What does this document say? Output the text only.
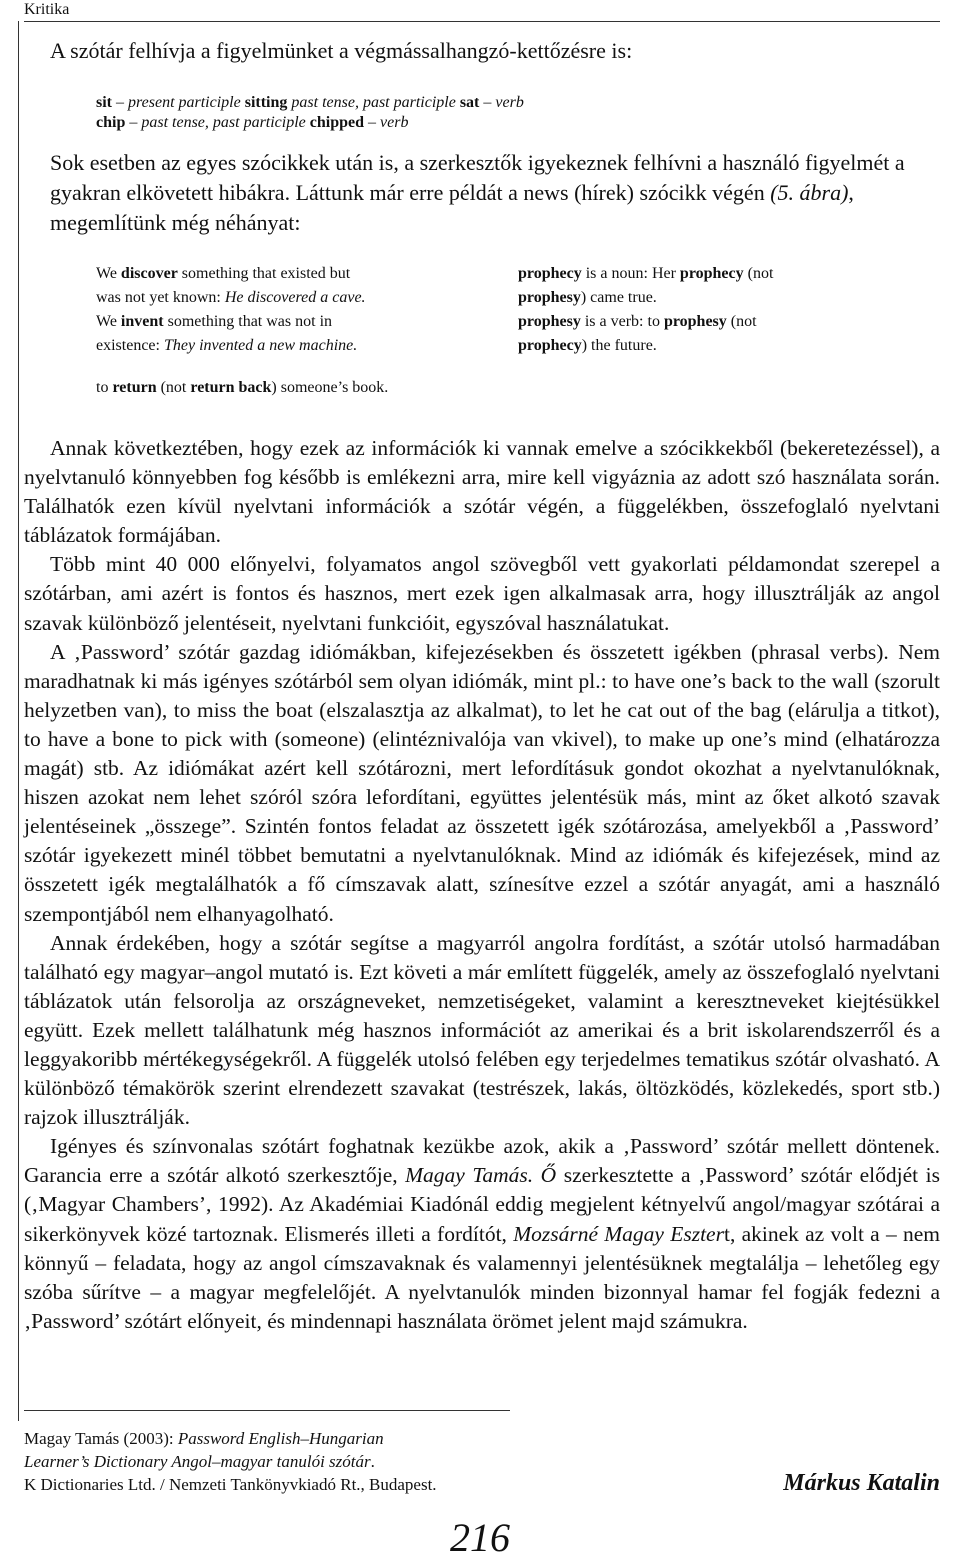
Kritika
A szótár felhívja a figyelmünket a végmássalhangzó-kettőzésre is:
sit – present participle sitting past tense, past participle sat – verb
chip – past tense, past participle chipped – verb
Sok esetben az egyes szócikkek után is, a szerkesztők igyekeznek felhívni a használó figyelmét a gyakran elkövetett hibákra. Láttunk már erre példát a news (hírek) szócikk végén (5. ábra), megemlítünk még néhányat:
We discover something that existed but
was not yet known: He discovered a cave.
We invent something that was not in
existence: They invented a new machine.
prophecy is a noun: Her prophecy (not
prophesy) came true.
prophesy is a verb: to prophesy (not
prophecy) the future.
to return (not return back) someone’s book.

Annak következtében, hogy ezek az információk ki vannak emelve a szócikkekből (bekeretezéssel), a nyelvtanuló könnyebben fog később is emlékezni arra, mire kell vigyáznia az adott szó használata során. Találhatók ezen kívül nyelvtani információk a szótár végén, a függelékben, összefoglaló nyelvtani táblázatok formájában.

Több mint 40 000 előnyelvi, folyamatos angol szövegből vett gyakorlati példamondat szerepel a szótárban, ami azért is fontos és hasznos, mert ezek igen alkalmasak arra, hogy illusztrálják az angol szavak különböző jelentéseit, nyelvtani funkcióit, egyszóval használatukat.

A ‚Password’ szótár gazdag idiómákban, kifejezésekben és összetett igékben (phrasal verbs). Nem maradhatnak ki más igényes szótárból sem olyan idiómák, mint pl.: to have one’s back to the wall (szorult helyzetben van), to miss the boat (elszalasztja az alkalmat), to let he cat out of the bag (elárulja a titkot), to have a bone to pick with (someone) (elintéznivalója van vkivel), to make up one’s mind (elhatározza magát) stb. Az idiómákat azért kell szótározni, mert lefordításuk gondot okozhat a nyelvtanulóknak, hiszen azokat nem lehet szóról szóra lefordítani, együttes jelentésük más, mint az őket alkotó szavak jelentéseinek „összege”. Szintén fontos feladat az összetett igék szótározása, amelyekből a ‚Password’ szótár igyekezett minél többet bemutatni a nyelvtanulóknak. Mind az idiómák és kifejezések, mind az összetett igék megtalálhatók a fő címszavak alatt, színesítve ezzel a szótár anyagát, ami a használó szempontjából nem elhanyagolható.

Annak érdekében, hogy a szótár segítse a magyarról angolra fordítást, a szótár utolsó harmadában található egy magyar–angol mutató is. Ezt követi a már említett függelék, amely az összefoglaló nyelvtani táblázatok után felsorolja az országneveket, nemzetiségeket, valamint a keresztneveket kiejtésükkel együtt. Ezek mellett találhatunk még hasznos információt az amerikai és a brit iskolarendszerről és a leggyakoribb mértékegységekről. A függelék utolsó felében egy terjedelmes tematikus szótár olvasható. A különböző témakörök szerint elrendezett szavakat (testrészek, lakás, öltözködés, közlekedés, sport stb.) rajzok illusztrálják.

Igényes és színvonalas szótárt foghatnak kezükbe azok, akik a ‚Password’ szótár mellett döntenek. Garancia erre a szótár alkotó szerkesztője, Magay Tamás. Ő szerkesztette a ‚Password’ szótár elődjét is (‚Magyar Chambers’, 1992). Az Akadémiai Kiadónál eddig megjelent kétnyelvű angol/magyar szótárai a sikerkönyvek közé tartoznak. Elismerés illeti a fordítót, Mozsárné Magay Esztert, akinek az volt a – nem könnyű – feladata, hogy az angol címszavaknak és valamennyi jelentésüknek megtalálja – lehetőleg egy szóba sűrítve – a magyar megfelelőjét. A nyelvtanulók minden bizonnyal hamar fel fogják fedezni a ‚Password’ szótárt előnyeit, és mindennapi használata örömet jelent majd számukra.

Magay Tamás (2003): Password English–Hungarian
Learner’s Dictionary Angol–magyar tanulói szótár.
K Dictionaries Ltd. / Nemzeti Tankönyvkiadó Rt., Budapest.	Márkus Katalin
216
